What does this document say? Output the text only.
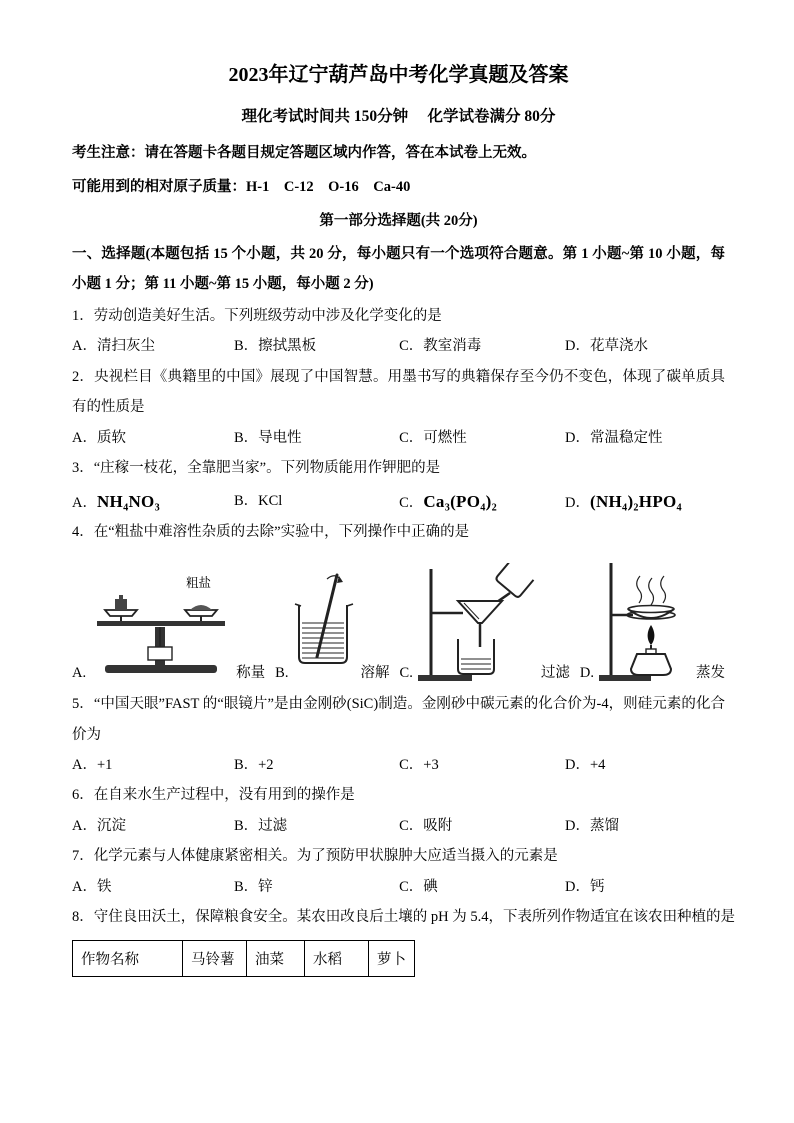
2023年辽宁葫芦岛中考化学真题及答案
理化考试时间共 150分钟　 化学试卷满分 80分
考生注意：请在答题卡各题目规定答题区域内作答，答在本试卷上无效。
可能用到的相对原子质量：H-1　C-12　O-16　Ca-40
第一部分选择题(共 20分)
一、选择题(本题包括 15 个小题，共 20 分，每小题只有一个选项符合题意。第 1 小题~第 10 小题，每小题 1 分；第 11 小题~第 15 小题，每小题 2 分)
1．劳动创造美好生活。下列班级劳动中涉及化学变化的是
A．清扫灰尘	B．擦拭黑板	C．教室消毒	D．花草浇水
2．央视栏目《典籍里的中国》展现了中国智慧。用墨书写的典籍保存至今仍不变色，体现了碳单质具有的性质是
A．质软	B．导电性	C．可燃性	D．常温稳定性
3．“庄稼一枝花，全靠肥当家”。下列物质能用作钾肥的是
A．NH₄NO₃	B．KCl	C．Ca₃(PO₄)₂	D．(NH₄)₂HPO₄
4．在“粗盐中难溶性杂质的去除”实验中，下列操作中正确的是
A.
粗盐
称量 B.	溶解 C.	过滤 D.	蒸发
5．“中国天眼”FAST 的“眼镜片”是由金刚砂(SiC)制造。金刚砂中碳元素的化合价为-4，则硅元素的化合价为
A．+1	B．+2	C．+3	D．+4
6．在自来水生产过程中，没有用到的操作是
A．沉淀	B．过滤	C．吸附	D．蒸馏
7．化学元素与人体健康紧密相关。为了预防甲状腺肿大应适当摄入的元素是
A．铁	B．锌	C．碘	D．钙
8．守住良田沃土，保障粮食安全。某农田改良后土壤的 pH 为 5.4，下表所列作物适宜在该农田种植的是
作物名称	马铃薯	油菜	水稻	萝卜
